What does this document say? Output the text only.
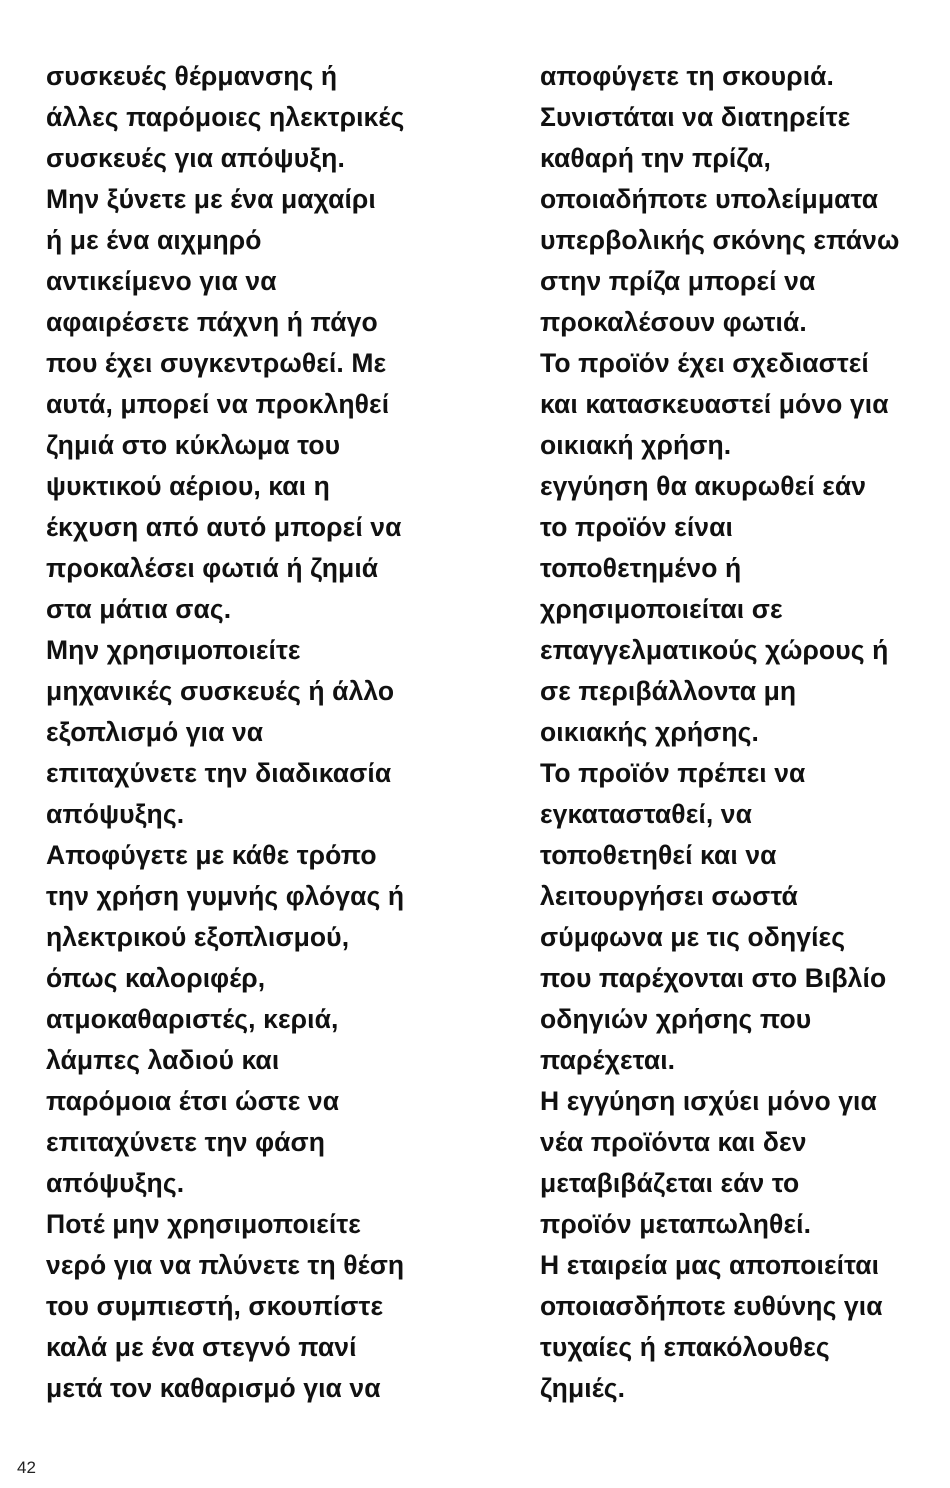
συσκευές θέρμανσης ή
άλλες παρόμοιες ηλεκτρικές
συσκευές για απόψυξη.
Μην ξύνετε με ένα μαχαίρι
ή με ένα αιχμηρό
αντικείμενο για να
αφαιρέσετε πάχνη ή πάγο
που έχει συγκεντρωθεί. Με
αυτά, μπορεί να προκληθεί
ζημιά στο κύκλωμα του
ψυκτικού αέριου, και η
έκχυση από αυτό μπορεί να
προκαλέσει φωτιά ή ζημιά
στα μάτια σας.
Μην χρησιμοποιείτε
μηχανικές συσκευές ή άλλο
εξοπλισμό για να
επιταχύνετε την διαδικασία
απόψυξης.
Αποφύγετε με κάθε τρόπο
την χρήση γυμνής φλόγας ή
ηλεκτρικού εξοπλισμού,
όπως καλοριφέρ,
ατμοκαθαριστές, κεριά,
λάμπες λαδιού και
παρόμοια έτσι ώστε να
επιταχύνετε την φάση
απόψυξης.
Ποτέ μην χρησιμοποιείτε
νερό για να πλύνετε τη θέση
του συμπιεστή, σκουπίστε
καλά με ένα στεγνό πανί
μετά τον καθαρισμό για να
αποφύγετε τη σκουριά.
Συνιστάται να διατηρείτε
καθαρή την πρίζα,
οποιαδήποτε υπολείμματα
υπερβολικής σκόνης επάνω
στην πρίζα μπορεί να
προκαλέσουν φωτιά.
Το προϊόν έχει σχεδιαστεί
και κατασκευαστεί μόνο για
οικιακή χρήση.
εγγύηση θα ακυρωθεί εάν
το προϊόν είναι
τοποθετημένο ή
χρησιμοποιείται σε
επαγγελματικούς χώρους ή
σε περιβάλλοντα μη
οικιακής χρήσης.
Το προϊόν πρέπει να
εγκατασταθεί, να
τοποθετηθεί και να
λειτουργήσει σωστά
σύμφωνα με τις οδηγίες
που παρέχονται στο Βιβλίο
οδηγιών χρήσης που
παρέχεται.
Η εγγύηση ισχύει μόνο για
νέα προϊόντα και δεν
μεταβιβάζεται εάν το
προϊόν μεταπωληθεί.
Η εταιρεία μας αποποιείται
οποιασδήποτε ευθύνης για
τυχαίες ή επακόλουθες
ζημιές.
42
